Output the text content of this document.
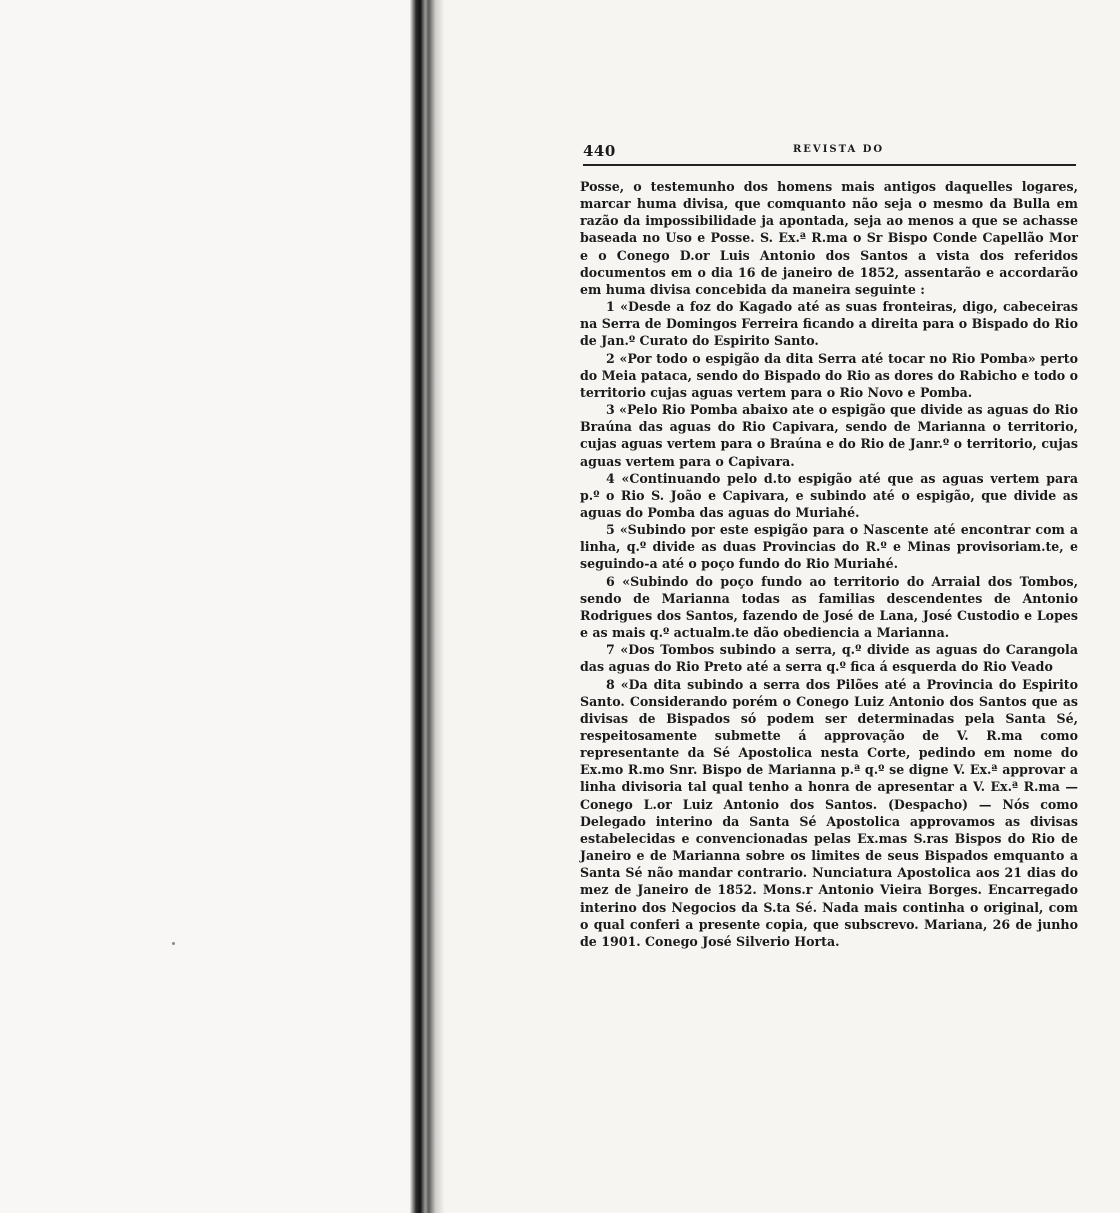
440	REVISTA DO

Posse, o testemunho dos homens mais antigos daquelles logares, marcar huma divisa, que comquanto não seja o mesmo da Bulla em razão da impossibilidade ja apontada, seja ao menos a que se achasse baseada no Uso e Posse. S. Ex.ª R.ma o Sr Bispo Conde Capellão Mor e o Conego D.or Luis Antonio dos Santos a vista dos referidos documentos em o dia 16 de janeiro de 1852, assentarão e accordarão em huma divisa concebida da maneira seguinte :

1 «Desde a foz do Kagado até as suas fronteiras, digo, cabeceiras na Serra de Domingos Ferreira ficando a direita para o Bispado do Rio de Jan.º Curato do Espirito Santo.

2 «Por todo o espigão da dita Serra até tocar no Rio Pomba» perto do Meia pataca, sendo do Bispado do Rio as dores do Rabicho e todo o territorio cujas aguas vertem para o Rio Novo e Pomba.

3 «Pelo Rio Pomba abaixo ate o espigão que divide as aguas do Rio Braúna das aguas do Rio Capivara, sendo de Marianna o territorio, cujas aguas vertem para o Braúna e do Rio de Janr.º o territorio, cujas aguas vertem para o Capivara.

4 «Continuando pelo d.to espigão até que as aguas vertem para p.º o Rio S. João e Capivara, e subindo até o espigão, que divide as aguas do Pomba das aguas do Muriahé.

5 «Subindo por este espigão para o Nascente até encontrar com a linha, q.º divide as duas Provincias do R.º e Minas provisoriam.te, e seguindo-a até o poço fundo do Rio Muriahé.

6 «Subindo do poço fundo ao territorio do Arraial dos Tombos, sendo de Marianna todas as familias descendentes de Antonio Rodrigues dos Santos, fazendo de José de Lana, José Custodio e Lopes e as mais q.º actualm.te dão obediencia a Marianna.

7 «Dos Tombos subindo a serra, q.º divide as aguas do Carangola das aguas do Rio Preto até a serra q.º fica á esquerda do Rio Veado

8 «Da dita subindo a serra dos Pilões até a Provincia do Espirito Santo. Considerando porém o Conego Luiz Antonio dos Santos que as divisas de Bispados só podem ser determinadas pela Santa Sé, respeitosamente submette á approvação de V. R.ma como representante da Sé Apostolica nesta Corte, pedindo em nome do Ex.mo R.mo Snr. Bispo de Marianna p.ª q.º se digne V. Ex.ª approvar a linha divisoria tal qual tenho a honra de apresentar a V. Ex.ª R.ma — Conego L.or Luiz Antonio dos Santos. (Despacho) — Nós como Delegado interino da Santa Sé Apostolica approvamos as divisas estabelecidas e convencionadas pelas Ex.mas S.ras Bispos do Rio de Janeiro e de Marianna sobre os limites de seus Bispados emquanto a Santa Sé não mandar contrario. Nunciatura Apostolica aos 21 dias do mez de Janeiro de 1852. Mons.r Antonio Vieira Borges. Encarregado interino dos Negocios da S.ta Sé. Nada mais continha o original, com o qual conferi a presente copia, que subscrevo. Mariana, 26 de junho de 1901. Conego José Silverio Horta.
